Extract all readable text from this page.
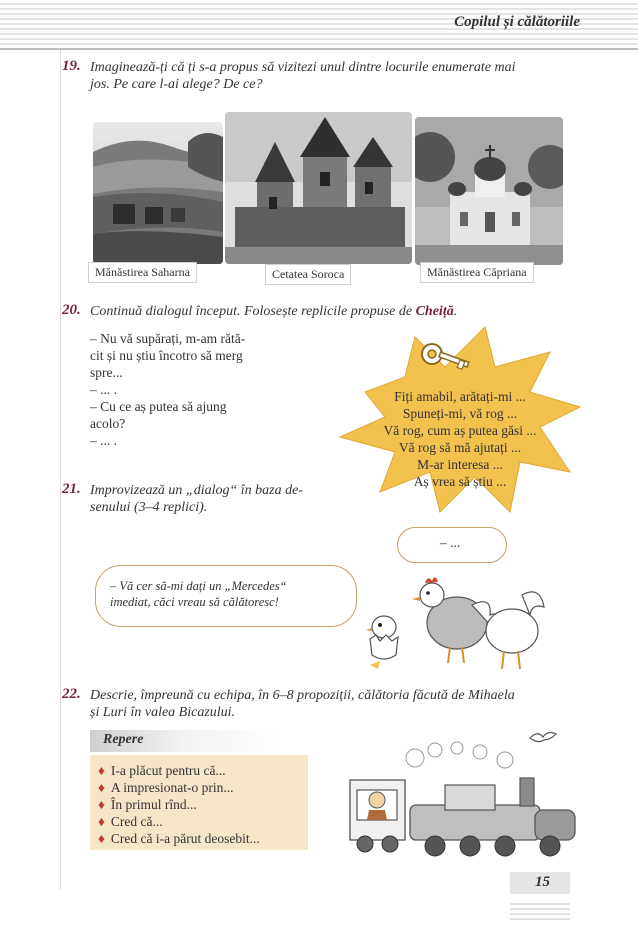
Copilul și călătoriile
19. Imaginează-ți că ți s-a propus să vizitezi unul dintre locurile enumerate mai
jos. Pe care l-ai alege? De ce?
Mănăstirea Saharna	Cetatea Soroca	Mănăstirea Căpriana
20. Continuă dialogul început. Folosește replicile propuse de Cheiță.
– Nu vă supărați, m-am rătă-
cit și nu știu încotro să merg
spre...
– ... .
– Cu ce aș putea să ajung
acolo?
– ... .
Fiți amabil, arătați-mi ...
Spuneți-mi, vă rog ...
Vă rog, cum aș putea găsi ...
Vă rog să mă ajutați ...
M-ar interesa ...
Aș vrea să știu ...
21. Improvizează un „dialog“ în baza de-
senului (3–4 replici).
– ...
– Vă cer să-mi dați un „Mercedes“
imediat, căci vreau să călătoresc!
22. Descrie, împreună cu echipa, în 6–8 propoziții, călătoria făcută de Mihaela
și Luri în valea Bicazului.
Repere
♦ I-a plăcut pentru că...
♦ A impresionat-o prin...
♦ În primul rînd...
♦ Cred că...
♦ Cred că i-a părut deosebit...
15
